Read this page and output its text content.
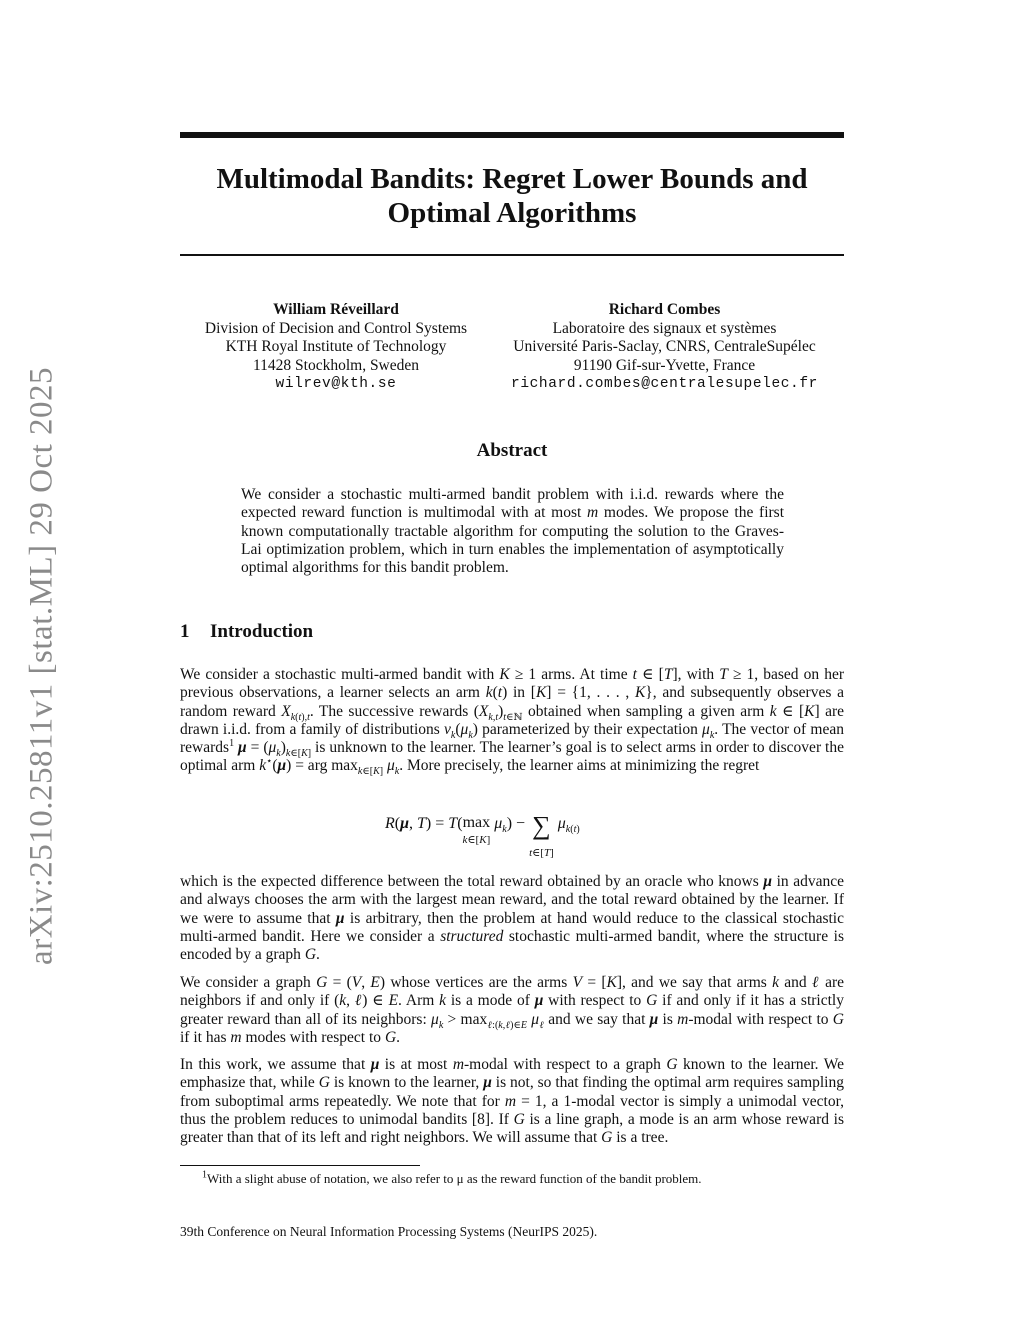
arXiv:2510.25811v1 [stat.ML] 29 Oct 2025
Multimodal Bandits: Regret Lower Bounds and
Optimal Algorithms
William Réveillard
Division of Decision and Control Systems
KTH Royal Institute of Technology
11428 Stockholm, Sweden
wilrev@kth.se
Richard Combes
Laboratoire des signaux et systèmes
Université Paris-Saclay, CNRS, CentraleSupélec
91190 Gif-sur-Yvette, France
richard.combes@centralesupelec.fr
Abstract
We consider a stochastic multi-armed bandit problem with i.i.d. rewards where the expected reward function is multimodal with at most m modes. We propose the first known computationally tractable algorithm for computing the solution to the Graves-Lai optimization problem, which in turn enables the implementation of asymptotically optimal algorithms for this bandit problem.
1 Introduction
We consider a stochastic multi-armed bandit with K ≥ 1 arms. At time t ∈ [T], with T ≥ 1, based on her previous observations, a learner selects an arm k(t) in [K] = {1, . . . , K}, and subsequently observes a random reward $X_{k(t),t}$. The successive rewards $(X_{k,t})_{t\in ℕ}$ obtained when sampling a given arm k ∈ [K] are drawn i.i.d. from a family of distributions $\nu_k(\mu_k)$ parameterized by their expectation $\mu_k$. The vector of mean rewards$^1$ $\mu = (\mu_k)_{k\in[K]}$ is unknown to the learner. The learner’s goal is to select arms in order to discover the optimal arm k⋆(μ) = arg $\max_{k\in[K]} \mu_k$. More precisely, the learner aims at minimizing the regret
R(μ, T) = T(max
k∈[K] $\mu_k$) − ∑
t∈[T] $\mu_{k(t)}$
which is the expected difference between the total reward obtained by an oracle who knows μ in advance and always chooses the arm with the largest mean reward, and the total reward obtained by the learner. If we were to assume that μ is arbitrary, then the problem at hand would reduce to the classical stochastic multi-armed bandit. Here we consider a structured stochastic multi-armed bandit, where the structure is encoded by a graph G.
We consider a graph G = (V, E) whose vertices are the arms V = [K], and we say that arms k and ℓ are neighbors if and only if (k, ℓ) ∈ E. Arm k is a mode of μ with respect to G if and only if it has a strictly greater reward than all of its neighbors: $\mu_k > \max_{\ell:(k,\ell)\in E} \mu_\ell$ and we say that μ is m-modal with respect to G if it has m modes with respect to G.
In this work, we assume that μ is at most m-modal with respect to a graph G known to the learner. We emphasize that, while G is known to the learner, μ is not, so that finding the optimal arm requires sampling from suboptimal arms repeatedly. We note that for m = 1, a 1-modal vector is simply a unimodal vector, thus the problem reduces to unimodal bandits [8]. If G is a line graph, a mode is an arm whose reward is greater than that of its left and right neighbors. We will assume that G is a tree.
$^1$With a slight abuse of notation, we also refer to μ as the reward function of the bandit problem.
39th Conference on Neural Information Processing Systems (NeurIPS 2025).
